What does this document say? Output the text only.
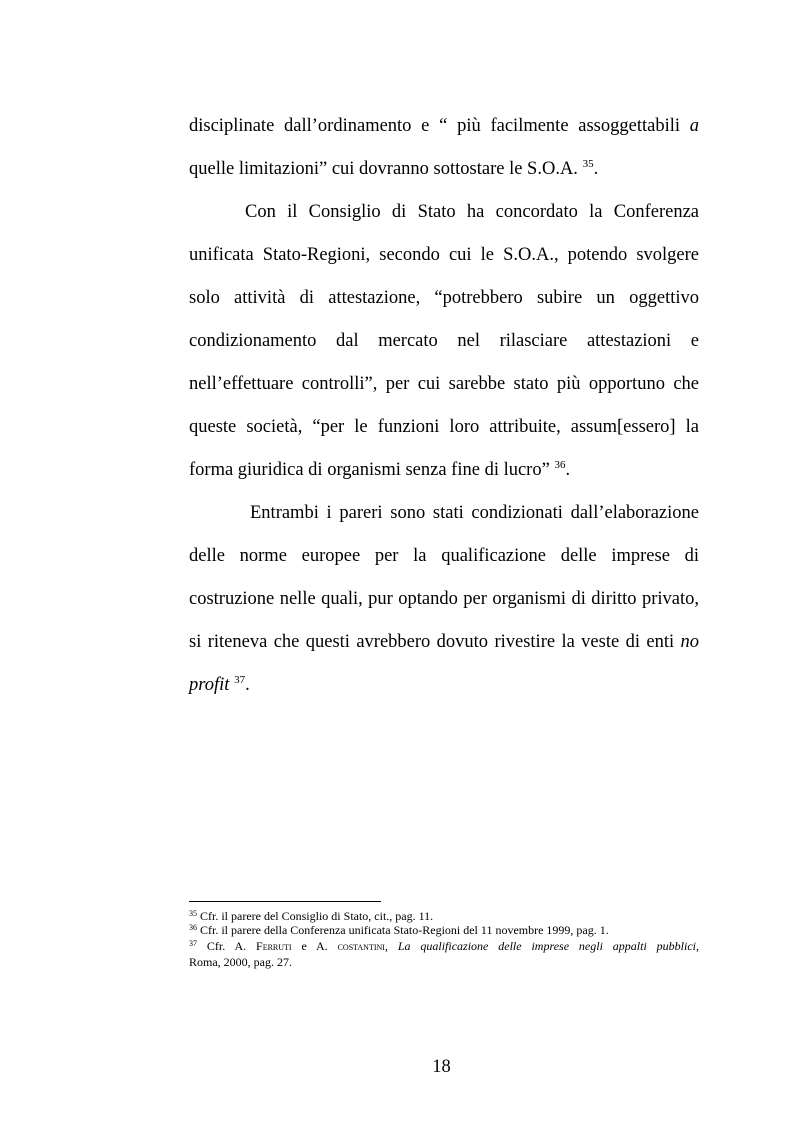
disciplinate dall’ordinamento e “ più facilmente assoggettabili a
quelle limitazioni” cui dovranno sottostare le S.O.A. $^{35}$.
Con il Consiglio di Stato ha concordato la Conferenza
unificata Stato-Regioni, secondo cui le S.O.A., potendo svolgere
solo attività di attestazione, “potrebbero subire un oggettivo
condizionamento dal mercato nel rilasciare attestazioni e
nell’effettuare controlli”, per cui sarebbe stato più opportuno che
queste società, “per le funzioni loro attribuite, assum[essero] la
forma giuridica di organismi senza fine di lucro” $^{36}$.
Entrambi i pareri sono stati condizionati dall’elaborazione
delle norme europee per la qualificazione delle imprese di
costruzione nelle quali, pur optando per organismi di diritto privato,
si riteneva che questi avrebbero dovuto rivestire la veste di enti no
profit $^{37}$.
$^{35}$ Cfr. il parere del Consiglio di Stato, cit., pag. 11.
$^{36}$ Cfr. il parere della Conferenza unificata Stato-Regioni del 11 novembre 1999, pag. 1.
$^{37}$ Cfr. A. Ferruti e A. costantini, La qualificazione delle imprese negli appalti pubblici,
Roma, 2000, pag. 27.
18
